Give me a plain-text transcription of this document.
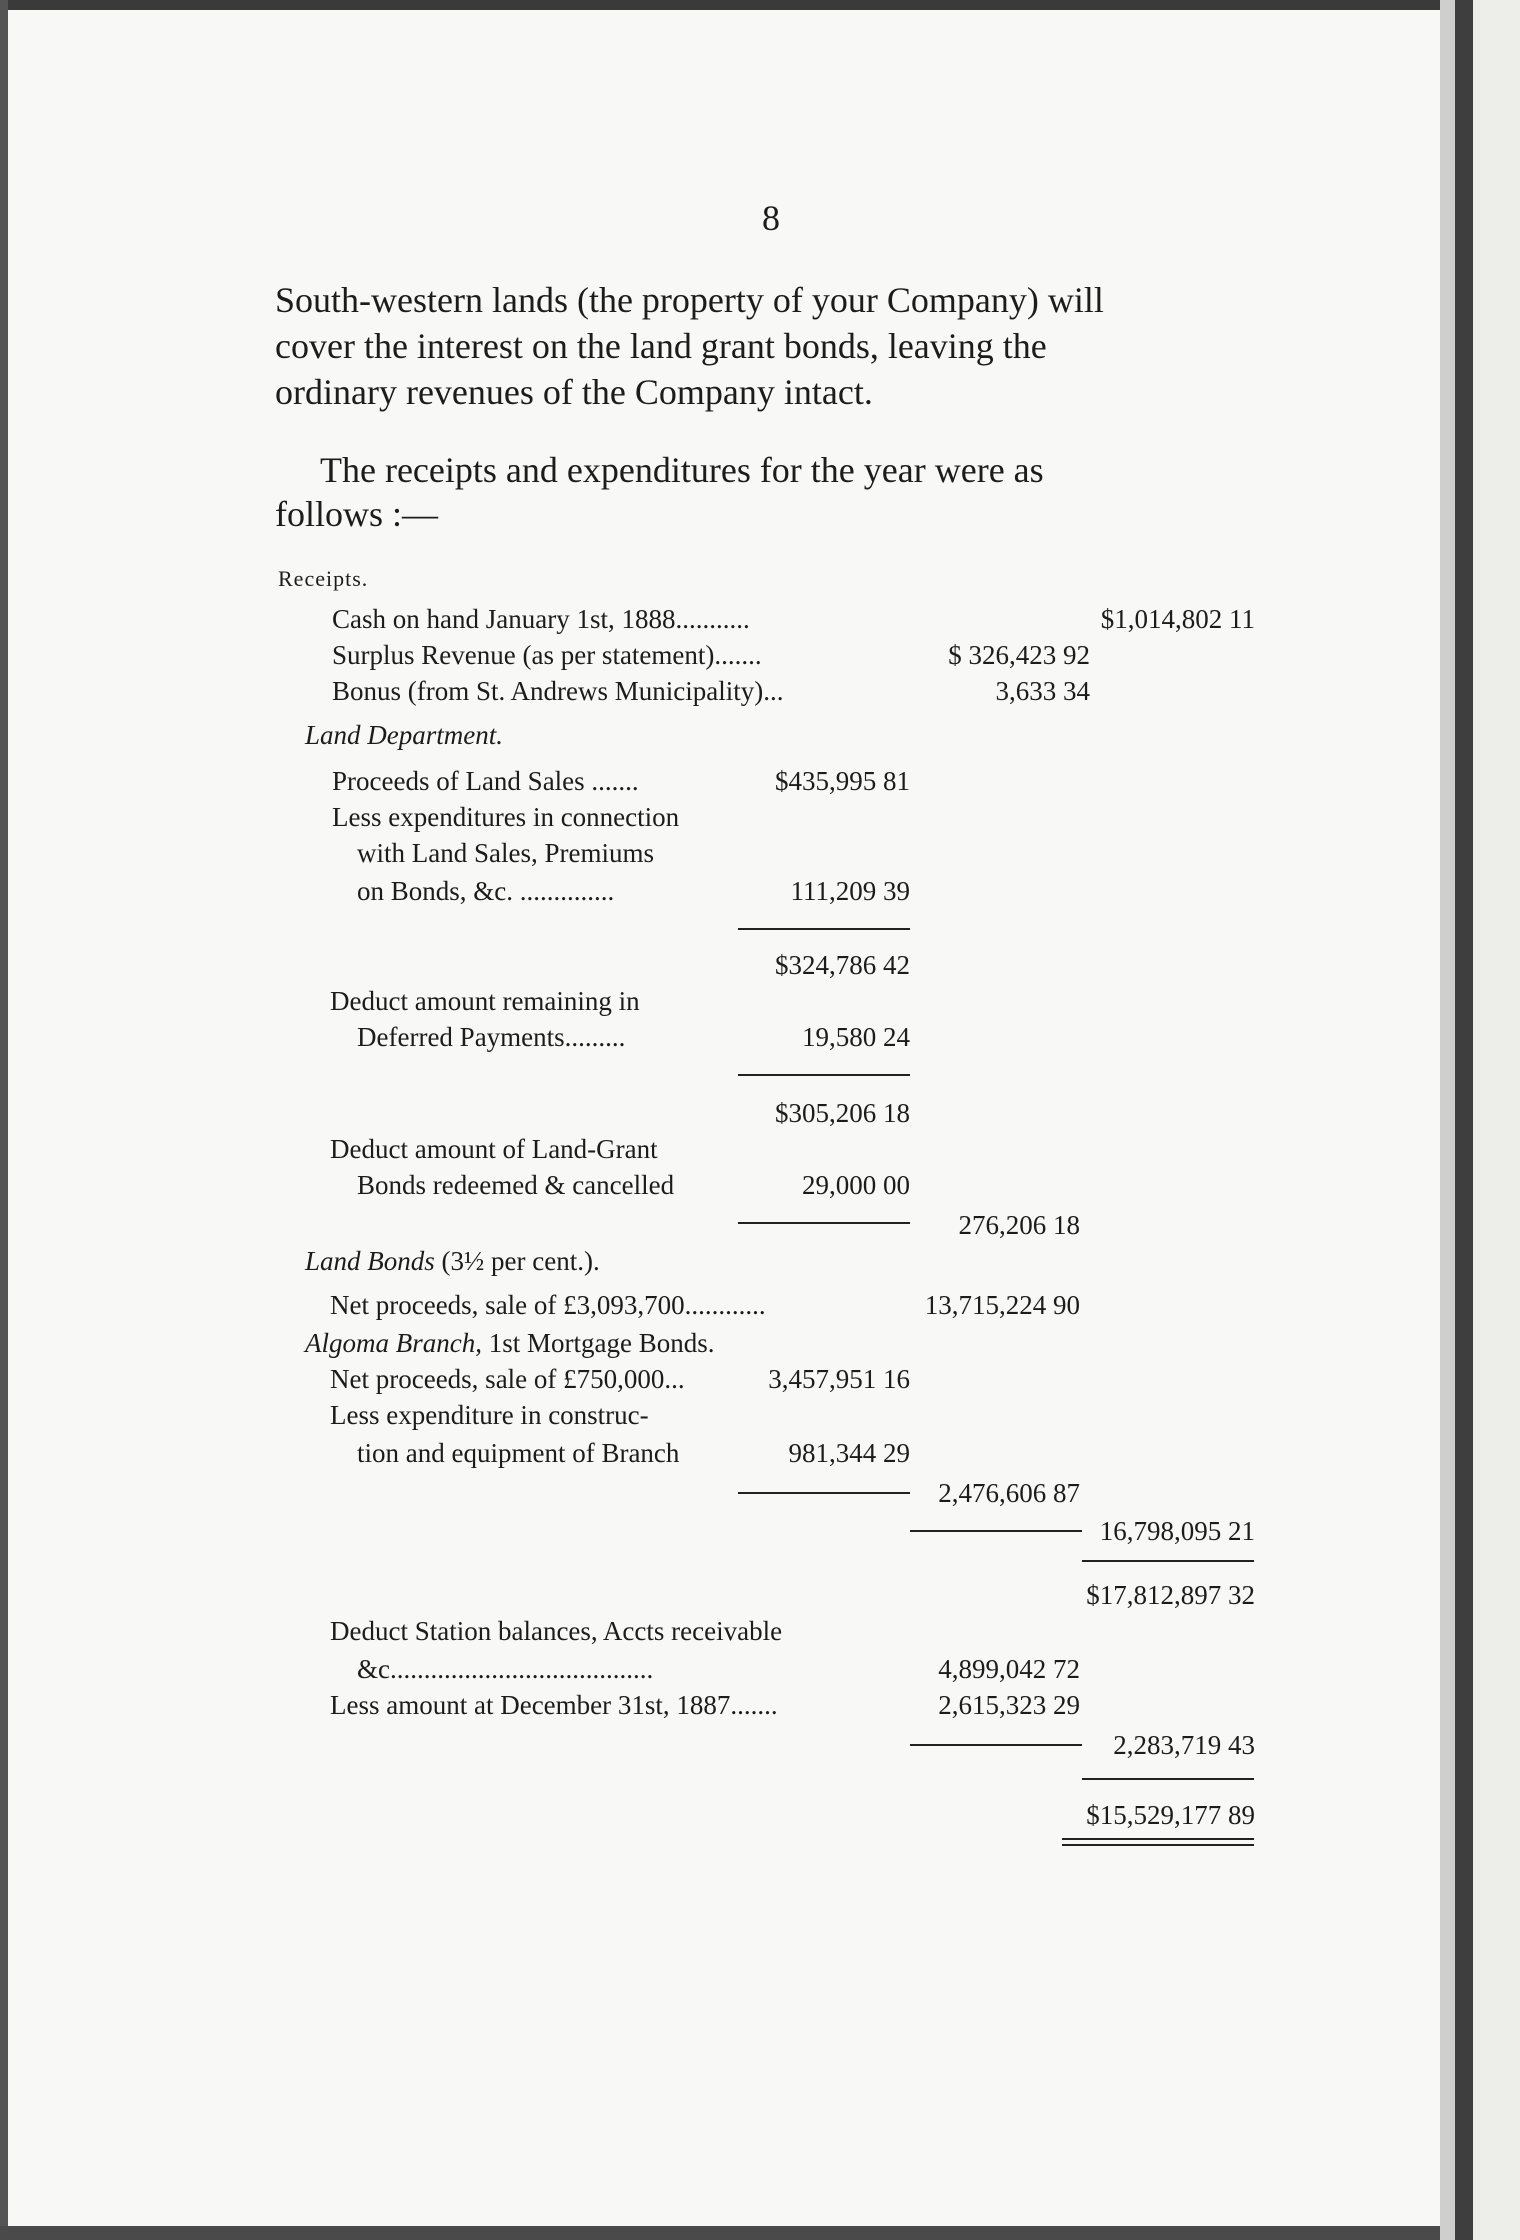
8
South-western lands (the property of your Company) will
cover the interest on the land grant bonds, leaving the
ordinary revenues of the Company intact.
The receipts and expenditures for the year were as
follows :—
Receipts.
Cash on hand January 1st, 1888...........	$1,014,802 11
Surplus Revenue (as per statement).......	$ 326,423 92
Bonus (from St. Andrews Municipality)...	3,633 34
Land Department.
Proceeds of Land Sales .......	$435,995 81
Less expenditures in connection
with Land Sales, Premiums
on Bonds, &c. ..............	111,209 39
$324,786 42
Deduct amount remaining in
Deferred Payments.........	19,580 24
$305,206 18
Deduct amount of Land-Grant
Bonds redeemed & cancelled	29,000 00
276,206 18
Land Bonds (3½ per cent.).
Net proceeds, sale of £3,093,700............	13,715,224 90
Algoma Branch, 1st Mortgage Bonds.
Net proceeds, sale of £750,000...	3,457,951 16
Less expenditure in construc-
tion and equipment of Branch	981,344 29
2,476,606 87
16,798,095 21
$17,812,897 32
Deduct Station balances, Accts receivable
&c.......................................	4,899,042 72
Less amount at December 31st, 1887.......	2,615,323 29
2,283,719 43
$15,529,177 89
